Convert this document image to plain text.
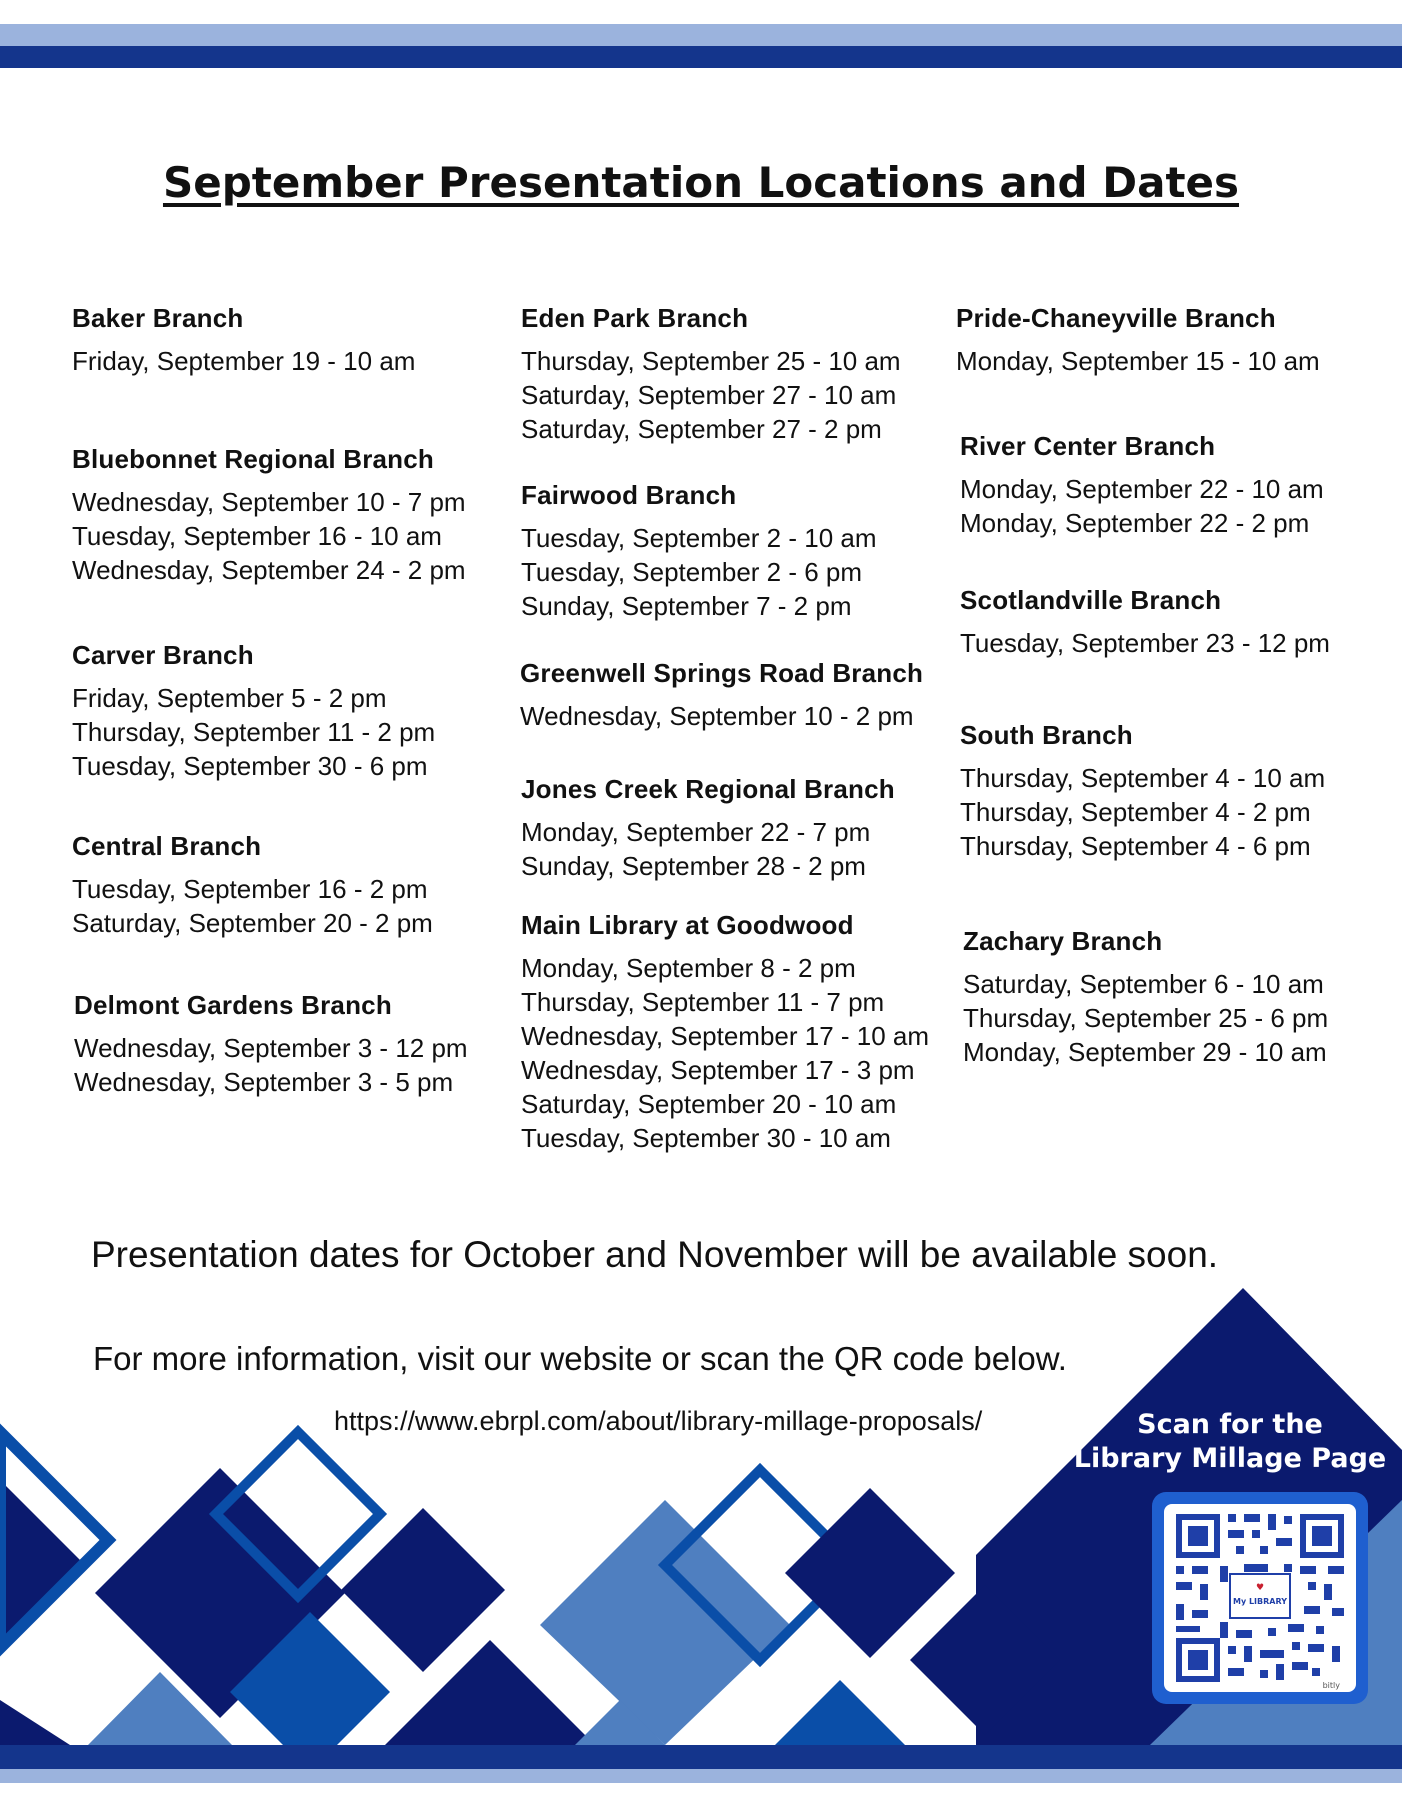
September Presentation Locations and Dates
Baker Branch
Friday, September 19 - 10 am
Bluebonnet Regional Branch
Wednesday, September 10 - 7 pm
Tuesday, September 16 - 10 am
Wednesday, September 24 - 2 pm
Carver Branch
Friday, September 5 - 2 pm
Thursday, September 11 - 2 pm
Tuesday, September 30 - 6 pm
Central Branch
Tuesday, September 16 - 2 pm
Saturday, September 20 - 2 pm
Delmont Gardens Branch
Wednesday, September 3 - 12 pm
Wednesday, September 3 - 5 pm
Eden Park Branch
Thursday, September 25 - 10 am
Saturday, September 27 - 10 am
Saturday, September 27 - 2 pm
Fairwood Branch
Tuesday, September 2 - 10 am
Tuesday, September 2 - 6 pm
Sunday, September 7 - 2 pm
Greenwell Springs Road Branch
Wednesday, September 10 - 2 pm
Jones Creek Regional Branch
Monday, September 22 - 7 pm
Sunday, September 28 - 2 pm
Main Library at Goodwood
Monday, September 8 - 2 pm
Thursday, September 11 - 7 pm
Wednesday, September 17 - 10 am
Wednesday, September 17 - 3 pm
Saturday, September 20 - 10 am
Tuesday, September 30 - 10 am
Pride-Chaneyville Branch
Monday, September 15 - 10 am
River Center Branch
Monday, September 22 - 10 am
Monday, September 22 - 2 pm
Scotlandville Branch
Tuesday, September 23 - 12 pm
South Branch
Thursday, September 4 - 10 am
Thursday, September 4 - 2 pm
Thursday, September 4 - 6 pm
Zachary Branch
Saturday, September 6 - 10 am
Thursday, September 25 - 6 pm
Monday, September 29 - 10 am
Presentation dates for October and November will be available soon.
For more information, visit our website or scan the QR code below.
https://www.ebrpl.com/about/library-millage-proposals/	Scan for the
Library Millage Page
♥
My LIBRARY
bitly
